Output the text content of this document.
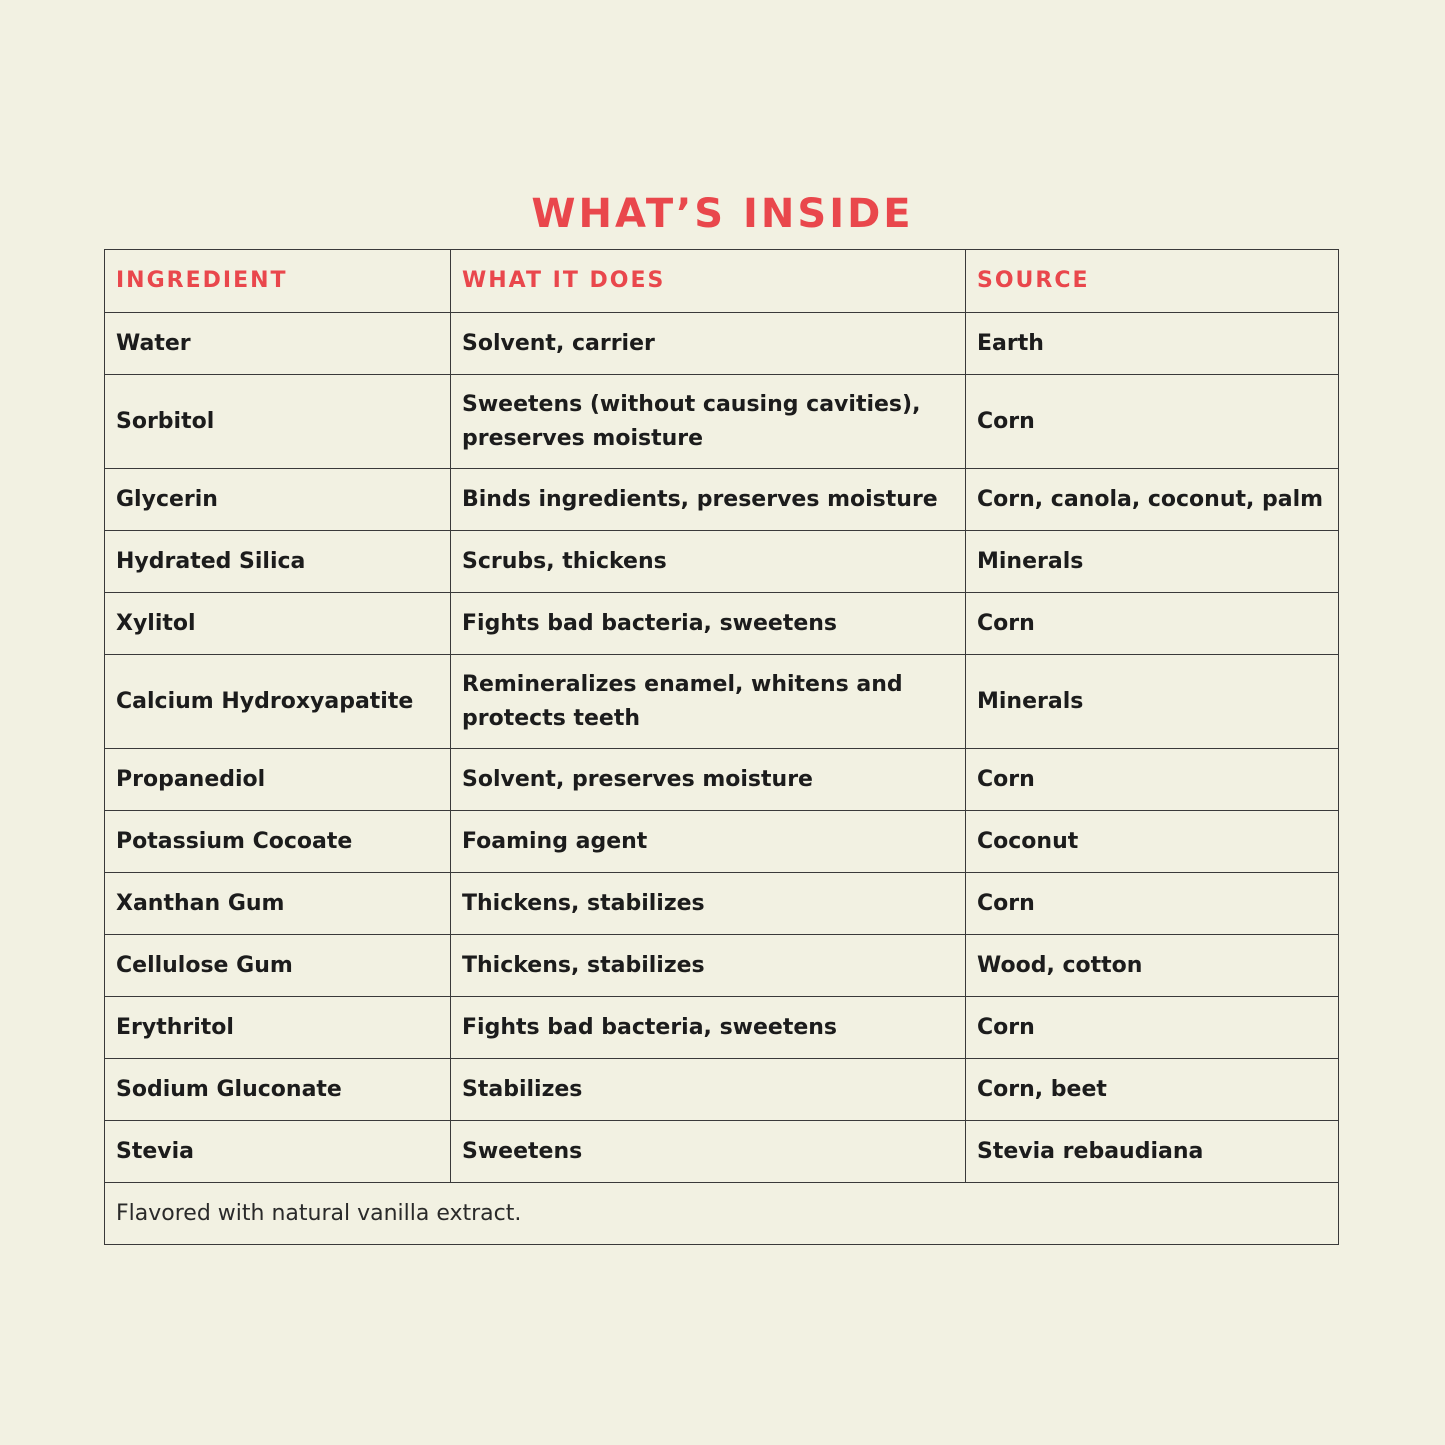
WHAT’S INSIDE
INGREDIENT	WHAT IT DOES	SOURCE
Water	Solvent, carrier	Earth
Sorbitol	Sweetens (without causing cavities), preserves moisture	Corn
Glycerin	Binds ingredients, preserves moisture	Corn, canola, coconut, palm
Hydrated Silica	Scrubs, thickens	Minerals
Xylitol	Fights bad bacteria, sweetens	Corn
Calcium Hydroxyapatite	Remineralizes enamel, whitens and protects teeth	Minerals
Propanediol	Solvent, preserves moisture	Corn
Potassium Cocoate	Foaming agent	Coconut
Xanthan Gum	Thickens, stabilizes	Corn
Cellulose Gum	Thickens, stabilizes	Wood, cotton
Erythritol	Fights bad bacteria, sweetens	Corn
Sodium Gluconate	Stabilizes	Corn, beet
Stevia	Sweetens	Stevia rebaudiana
Flavored with natural vanilla extract.		
